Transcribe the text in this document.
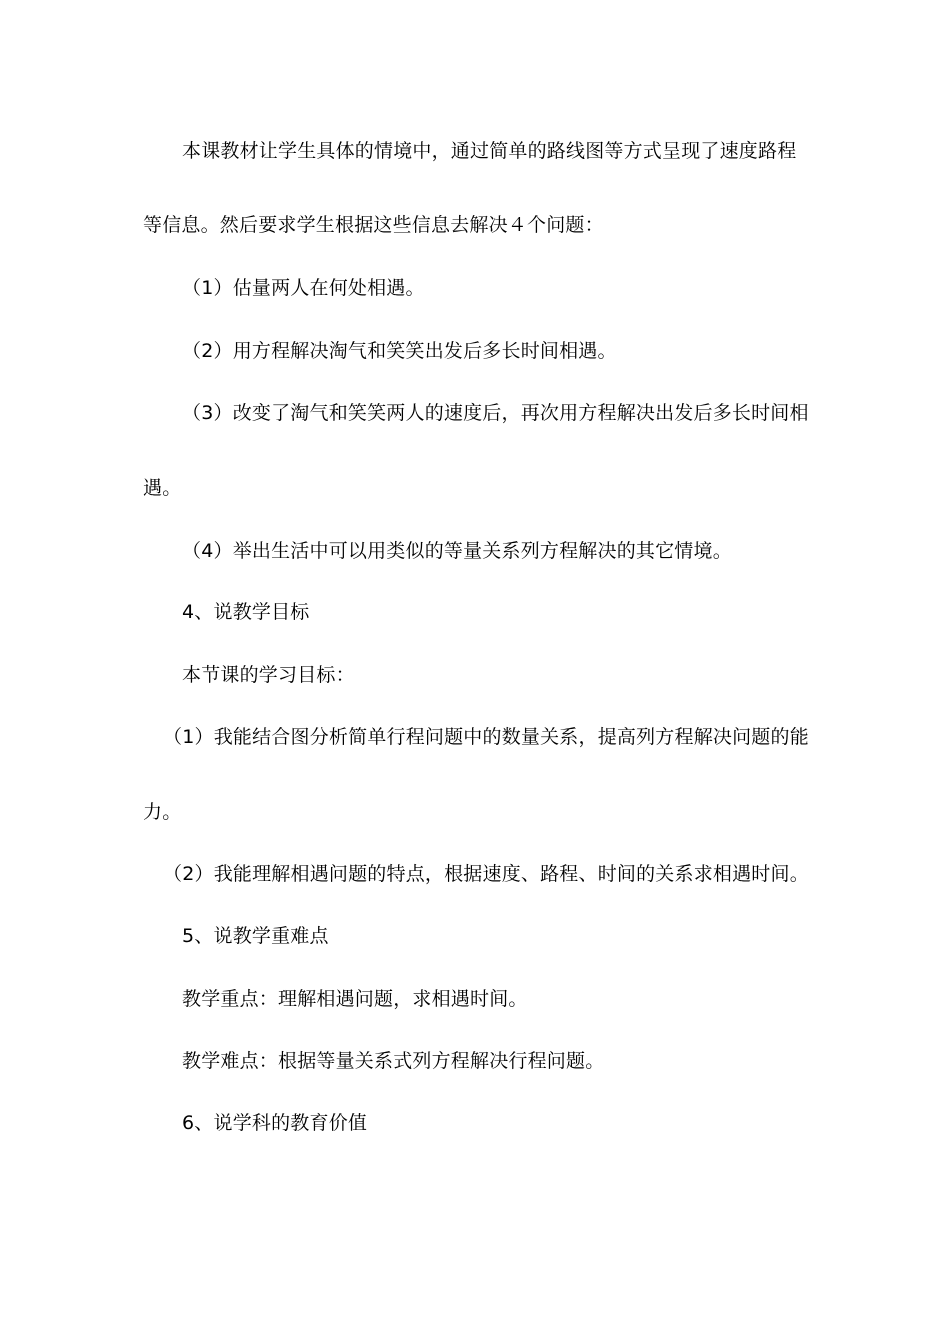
本课教材让学生具体的情境中，通过简单的路线图等方式呈现了速度路程
等信息。然后要求学生根据这些信息去解决４个问题：
（1）估量两人在何处相遇。
（2）用方程解决淘气和笑笑出发后多长时间相遇。
（3）改变了淘气和笑笑两人的速度后，再次用方程解决出发后多长时间相
遇。
（4）举出生活中可以用类似的等量关系列方程解决的其它情境。
4、说教学目标
本节课的学习目标：
（1）我能结合图分析简单行程问题中的数量关系，提高列方程解决问题的能
力。
（2）我能理解相遇问题的特点，根据速度、路程、时间的关系求相遇时间。
5、说教学重难点
教学重点：理解相遇问题，求相遇时间。
教学难点：根据等量关系式列方程解决行程问题。
6、说学科的教育价值
